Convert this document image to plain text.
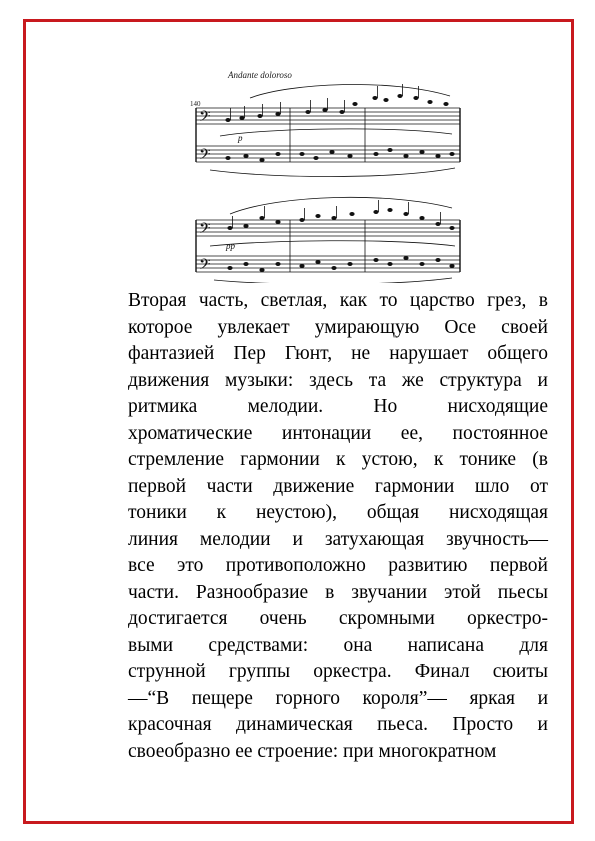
Andante doloroso
140
𝄢
𝄢
p
𝄢
𝄢
pp
Вторая часть, светлая, как то царство грез, в
которое увлекает умирающую Осе своей
фантазией Пер Гюнт, не нарушает общего
движения музыки: здесь та же структура и
ритмика мелодии. Но нисходящие
хроматические интонации ее, постоянное
стремление гармонии к устою, к тонике (в
первой части движение гармонии шло от
тоники к неустою), общая нисходящая
линия мелодии и затухающая звучность—
все это противоположно развитию первой
части. Разнообразие в звучании этой пьесы
достигается очень скромными оркестро-
выми средствами: она написана для
струнной группы оркестра. Финал сюиты
—“В пещере горного короля”— яркая и
красочная динамическая пьеса. Просто и
своеобразно ее строение: при многократном
